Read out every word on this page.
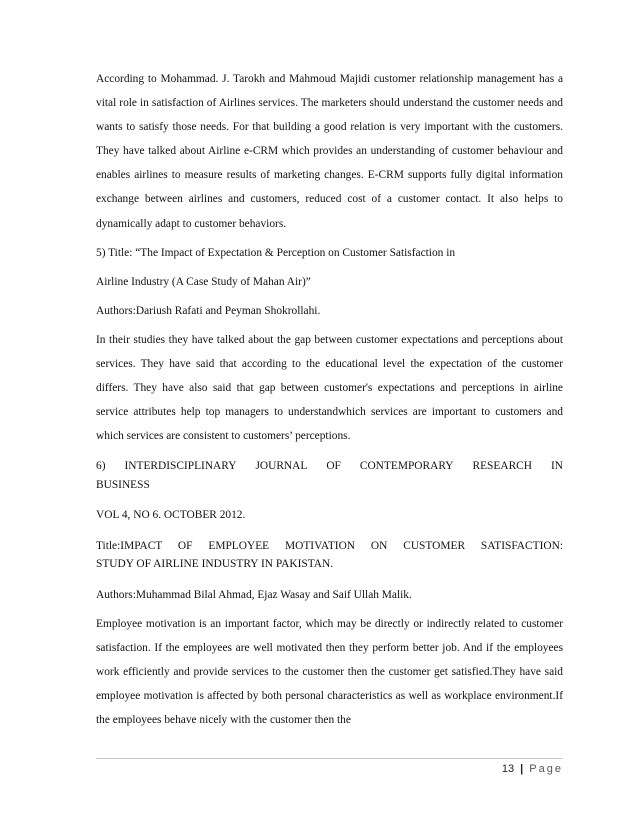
According to Mohammad. J. Tarokh and Mahmoud Majidi customer relationship management has a vital role in satisfaction of Airlines services. The marketers should understand the customer needs and wants to satisfy those needs. For that building a good relation is very important with the customers. They have talked about Airline e-CRM which provides an understanding of customer behaviour and enables airlines to measure results of marketing changes. E-CRM supports fully digital information exchange between airlines and customers, reduced cost of a customer contact. It also helps to dynamically adapt to customer behaviors.

5) Title: “The Impact of Expectation & Perception on Customer Satisfaction in

Airline Industry (A Case Study of Mahan Air)”

Authors:Dariush Rafati and Peyman Shokrollahi.

In their studies they have talked about the gap between customer expectations and perceptions about services. They have said that according to the educational level the expectation of the customer differs. They have also said that gap between customer's expectations and perceptions in airline service attributes help top managers to understandwhich services are important to customers and which services are consistent to customers’ perceptions.

6) INTERDISCIPLINARY JOURNAL OF CONTEMPORARY RESEARCH IN

BUSINESS

VOL 4, NO 6. OCTOBER 2012.

Title:IMPACT OF EMPLOYEE MOTIVATION ON CUSTOMER SATISFACTION:

STUDY OF AIRLINE INDUSTRY IN PAKISTAN.

Authors:Muhammad Bilal Ahmad, Ejaz Wasay and Saif Ullah Malik.

Employee motivation is an important factor, which may be directly or indirectly related to customer satisfaction. If the employees are well motivated then they perform better job. And if the employees work efficiently and provide services to the customer then the customer get satisfied.They have said employee motivation is affected by both personal characteristics as well as workplace environment.If the employees behave nicely with the customer then the

13 | Page
